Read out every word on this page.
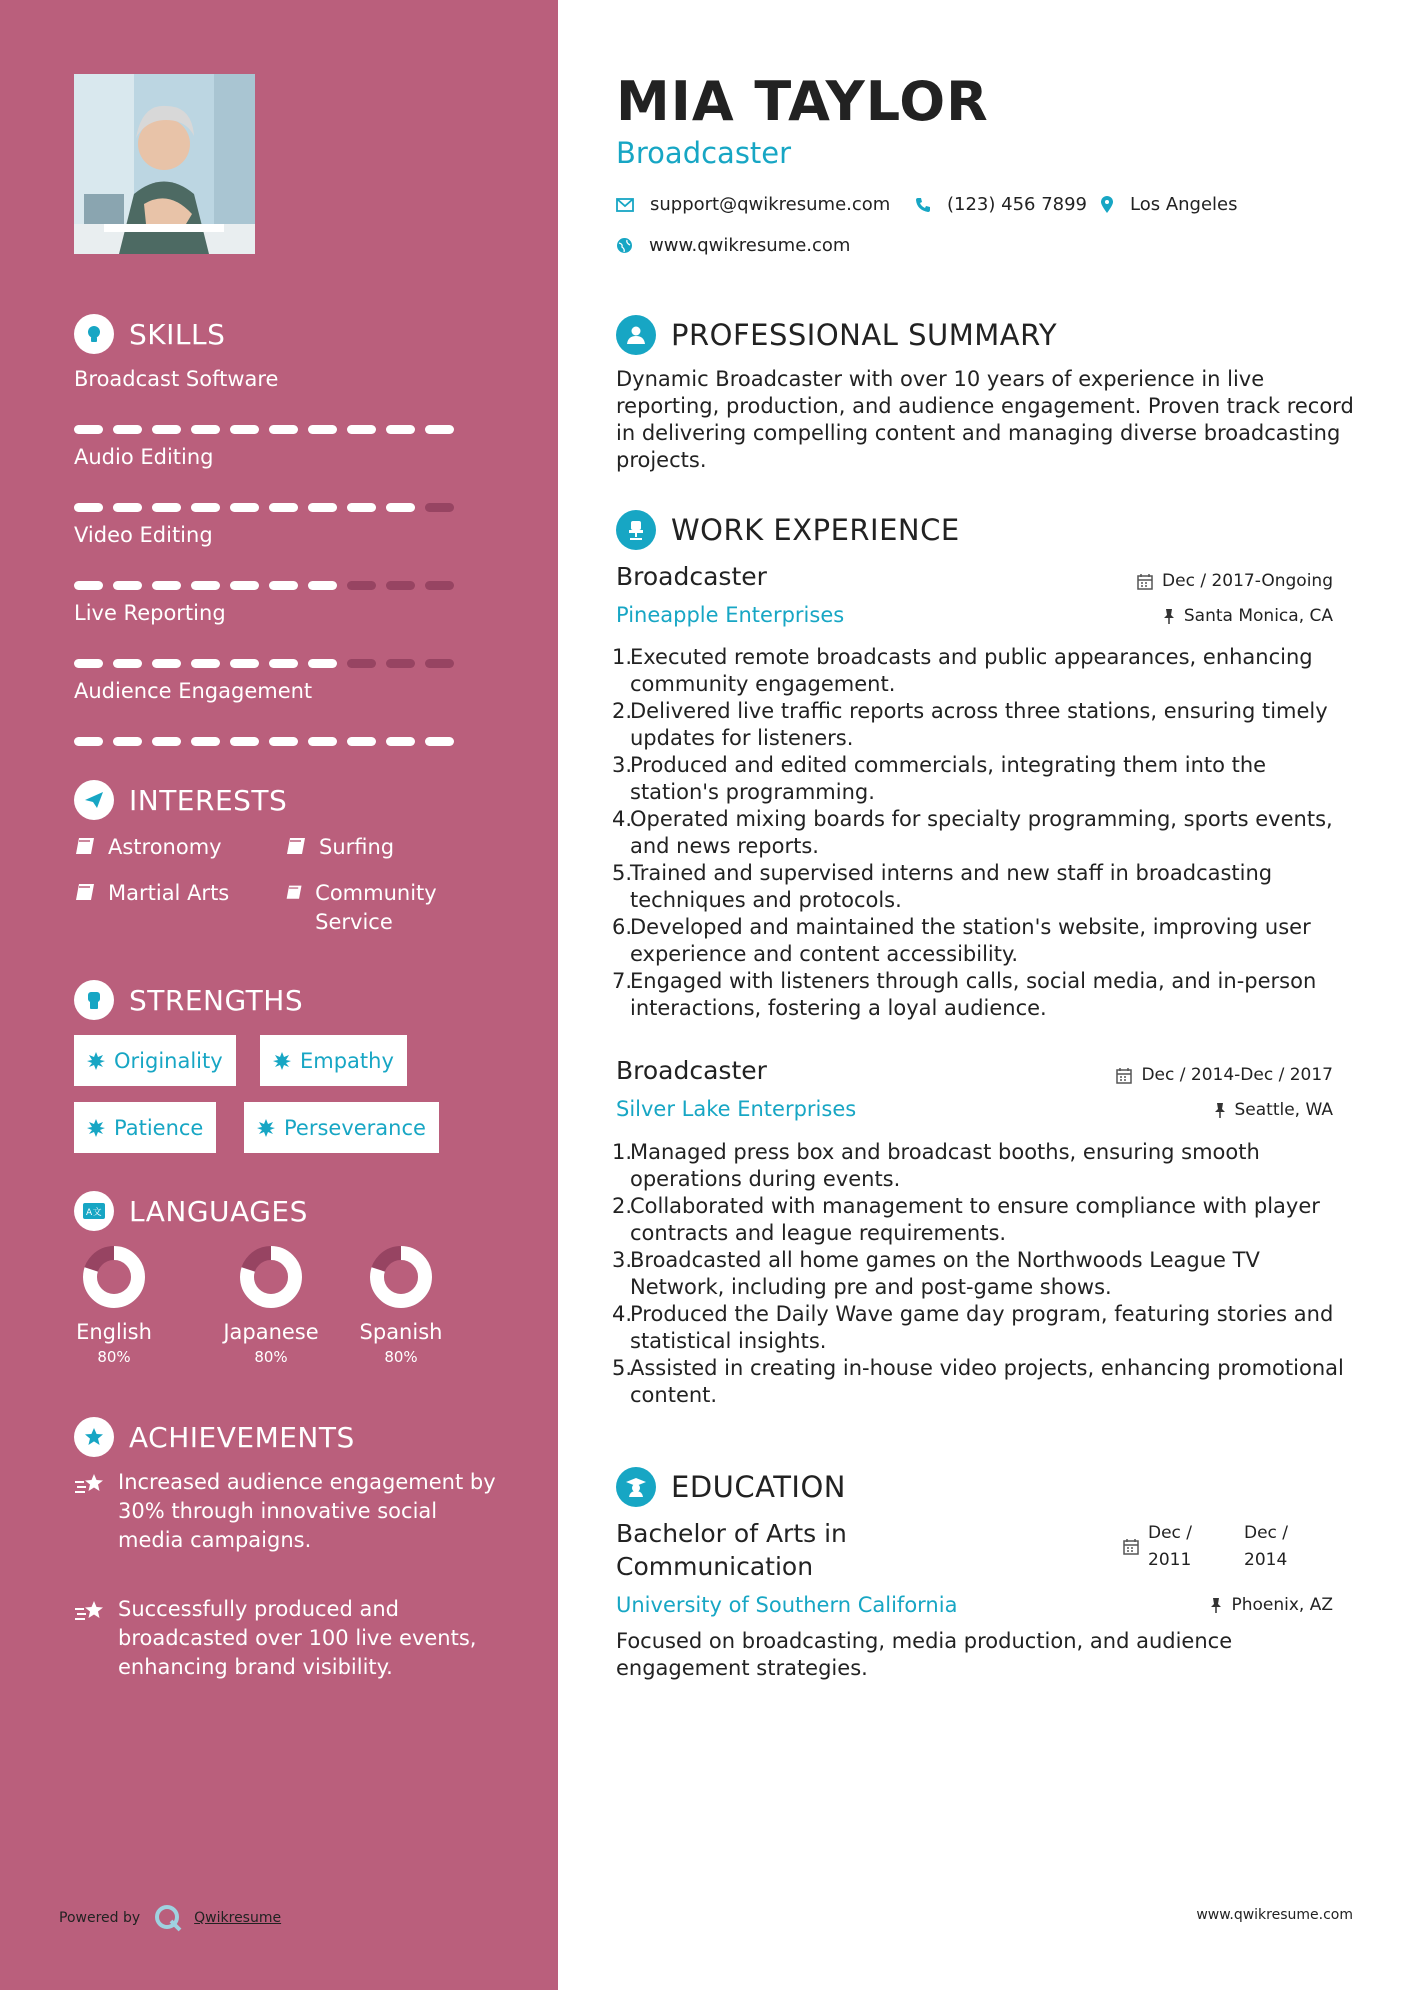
SKILLS
Broadcast Software
Audio Editing
Video Editing
Live Reporting
Audience Engagement
INTERESTS
Astronomy	Surfing
Martial Arts	Community Service
STRENGTHS
Originality	Empathy
Patience	Perseverance
A文 LANGUAGES
English
80%
Japanese
80%
Spanish
80%
ACHIEVEMENTS
Increased audience engagement by 30% through innovative social media campaigns.
Successfully produced and broadcasted over 100 live events, enhancing brand visibility.
Powered by	Qwikresume
MIA TAYLOR
Broadcaster
support@qwikresume.com	(123) 456 7899 Los Angeles
www.qwikresume.com
PROFESSIONAL SUMMARY
Dynamic Broadcaster with over 10 years of experience in live reporting, production, and audience engagement. Proven track record in delivering compelling content and managing diverse broadcasting projects.
WORK EXPERIENCE
Broadcaster	Dec / 2017-Ongoing
Pineapple Enterprises	Santa Monica, CA
1.
Executed remote broadcasts and public appearances, enhancing community engagement.
2.
Delivered live traffic reports across three stations, ensuring timely updates for listeners.
3.
Produced and edited commercials, integrating them into the station's programming.
4.
Operated mixing boards for specialty programming, sports events, and news reports.
5.
Trained and supervised interns and new staff in broadcasting techniques and protocols.
6.
Developed and maintained the station's website, improving user experience and content accessibility.
7.
Engaged with listeners through calls, social media, and in-person interactions, fostering a loyal audience.
Broadcaster	Dec / 2014-Dec / 2017
Silver Lake Enterprises	Seattle, WA
1.
Managed press box and broadcast booths, ensuring smooth operations during events.
2.
Collaborated with management to ensure compliance with player contracts and league requirements.
3.
Broadcasted all home games on the Northwoods League TV Network, including pre and post-game shows.
4.
Produced the Daily Wave game day program, featuring stories and statistical insights.
5.
Assisted in creating in-house video projects, enhancing promotional content.
EDUCATION
Bachelor of Arts in Communication
Dec / 2011
Dec / 2014
University of Southern California	Phoenix, AZ
Focused on broadcasting, media production, and audience engagement strategies.
www.qwikresume.com
